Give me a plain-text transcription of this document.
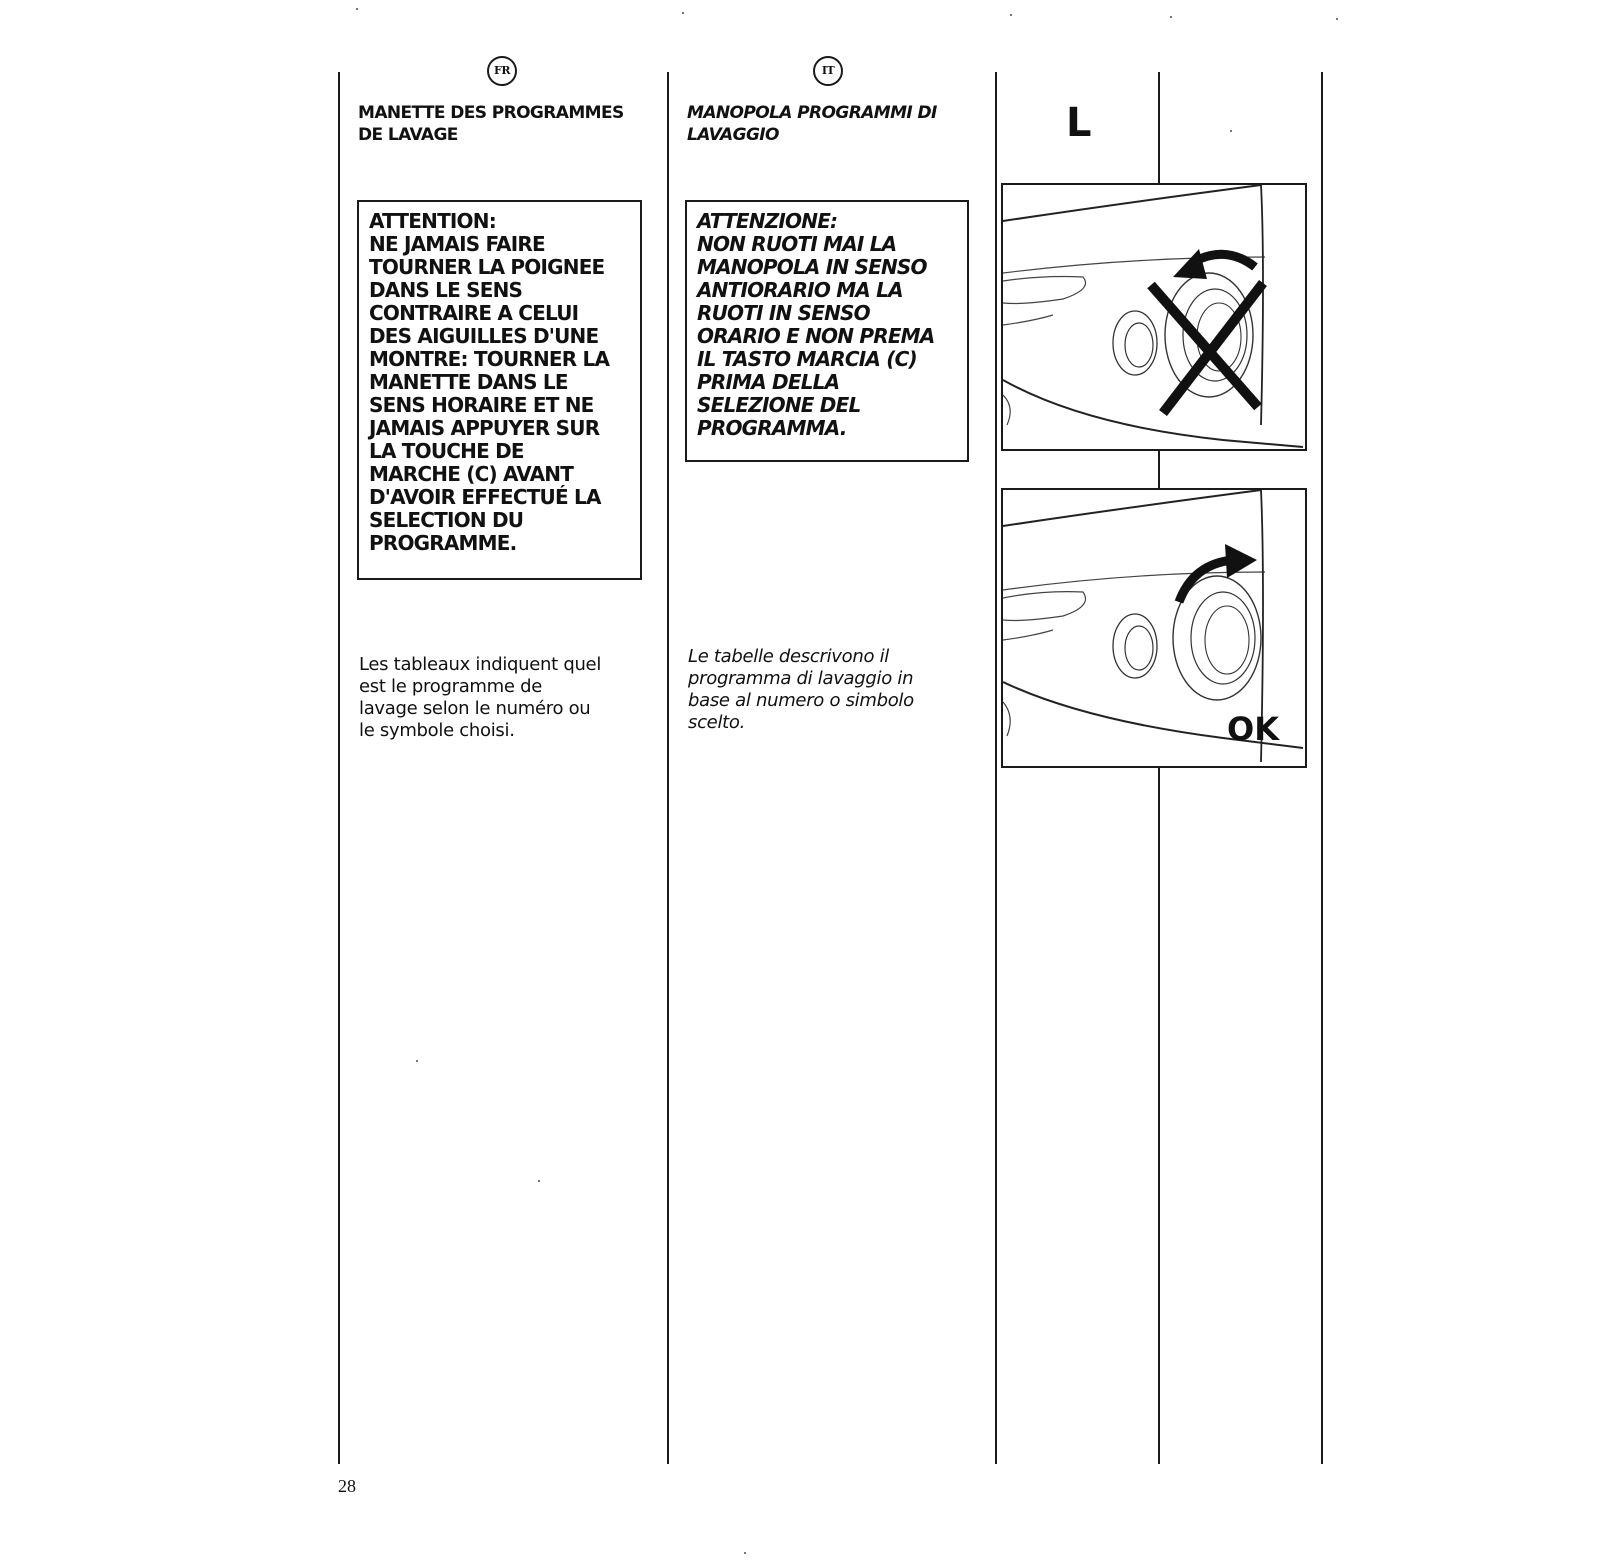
FR
MANETTE DES PROGRAMMES
DE LAVAGE
ATTENTION:
NE JAMAIS FAIRE
TOURNER LA POIGNEE
DANS LE SENS
CONTRAIRE A CELUI
DES AIGUILLES D'UNE
MONTRE: TOURNER LA
MANETTE DANS LE
SENS HORAIRE ET NE
JAMAIS APPUYER SUR
LA TOUCHE DE
MARCHE (C) AVANT
D'AVOIR EFFECTUÉ LA
SELECTION DU
PROGRAMME.
Les tableaux indiquent quel
est le programme de
lavage selon le numéro ou
le symbole choisi.
IT
MANOPOLA PROGRAMMI DI
LAVAGGIO
ATTENZIONE:
NON RUOTI MAI LA
MANOPOLA IN SENSO
ANTIORARIO MA LA
RUOTI IN SENSO
ORARIO E NON PREMA
IL TASTO MARCIA (C)
PRIMA DELLA
SELEZIONE DEL
PROGRAMMA.
Le tabelle descrivono il
programma di lavaggio in
base al numero o simbolo
scelto.
L
OK
28
